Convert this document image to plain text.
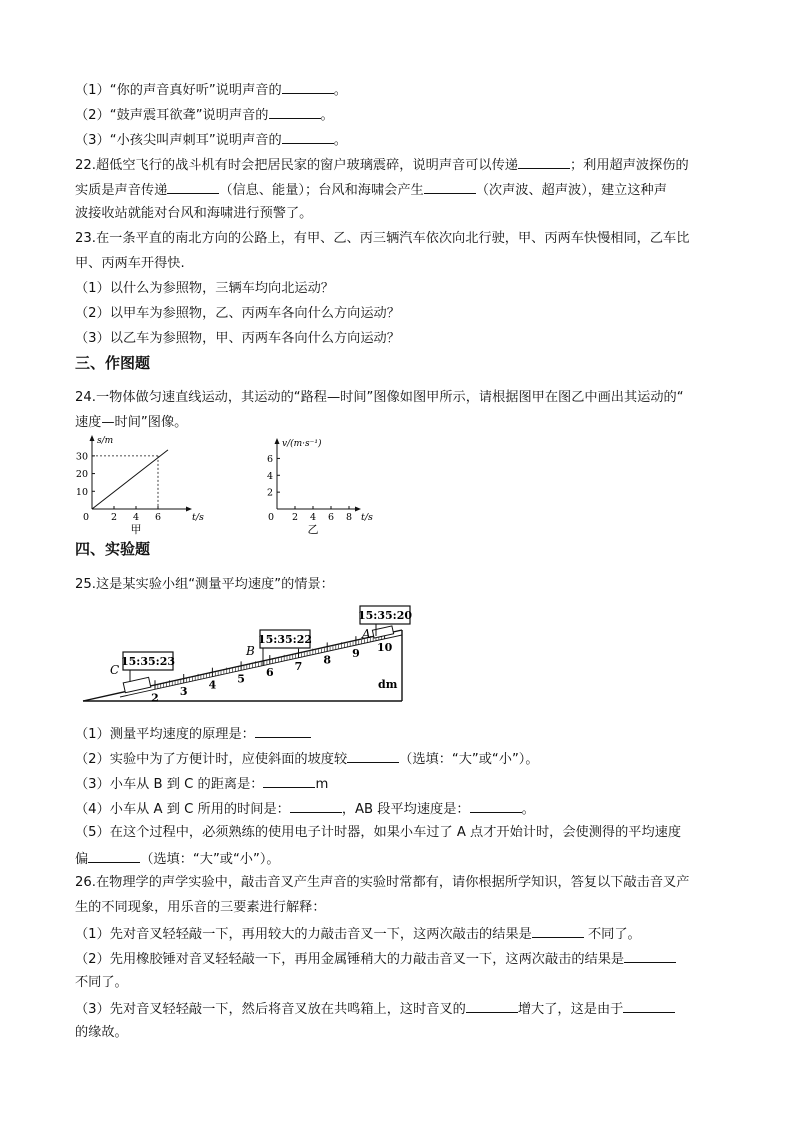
（1）“你的声音真好听”说明声音的	。
（2）“鼓声震耳欲聋”说明声音的	。
（3）“小孩尖叫声刺耳”说明声音的	。
22.超低空飞行的战斗机有时会把居民家的窗户玻璃震碎，说明声音可以传递	；利用超声波探伤的
实质是声音传递	（信息、能量）；台风和海啸会产生	（次声波、超声波），建立这种声
波接收站就能对台风和海啸进行预警了。
23.在一条平直的南北方向的公路上，有甲、乙、丙三辆汽车依次向北行驶，甲、丙两车快慢相同，乙车比
甲、丙两车开得快.
（1）以什么为参照物，三辆车均向北运动？
（2）以甲车为参照物，乙、丙两车各向什么方向运动？
（3）以乙车为参照物，甲、丙两车各向什么方向运动？
三、作图题
24.一物体做匀速直线运动，其运动的“路程—时间”图像如图甲所示，请根据图甲在图乙中画出其运动的“
速度—时间”图像。
0 2 4 6
10
20
30
t/s
s/m
甲
0 2 4 6 8
2
4
6
t/s
v/(m·s⁻¹)
乙
四、实验题
25.这是某实验小组“测量平均速度”的情景：
2 3 4 5 6 7 8 9 10
15:35:20
A
15:35:22
B
15:35:23
C
dm
（1）测量平均速度的原理是：
（2）实验中为了方便计时，应使斜面的坡度较	（选填：“大”或“小”）。
（3）小车从 B 到 C 的距离是：	m
（4）小车从 A 到 C 所用的时间是：	，AB 段平均速度是：	。
（5）在这个过程中，必须熟练的使用电子计时器，如果小车过了 A 点才开始计时，会使测得的平均速度
偏	（选填：“大”或“小”）。
26.在物理学的声学实验中，敲击音叉产生声音的实验时常都有，请你根据所学知识，答复以下敲击音叉产
生的不同现象，用乐音的三要素进行解释：
（1）先对音叉轻轻敲一下，再用较大的力敲击音叉一下，这两次敲击的结果是	不同了。
（2）先用橡胶锤对音叉轻轻敲一下，再用金属锤稍大的力敲击音叉一下，这两次敲击的结果是
不同了。
（3）先对音叉轻轻敲一下，然后将音叉放在共鸣箱上，这时音叉的	增大了，这是由于
的缘故。
